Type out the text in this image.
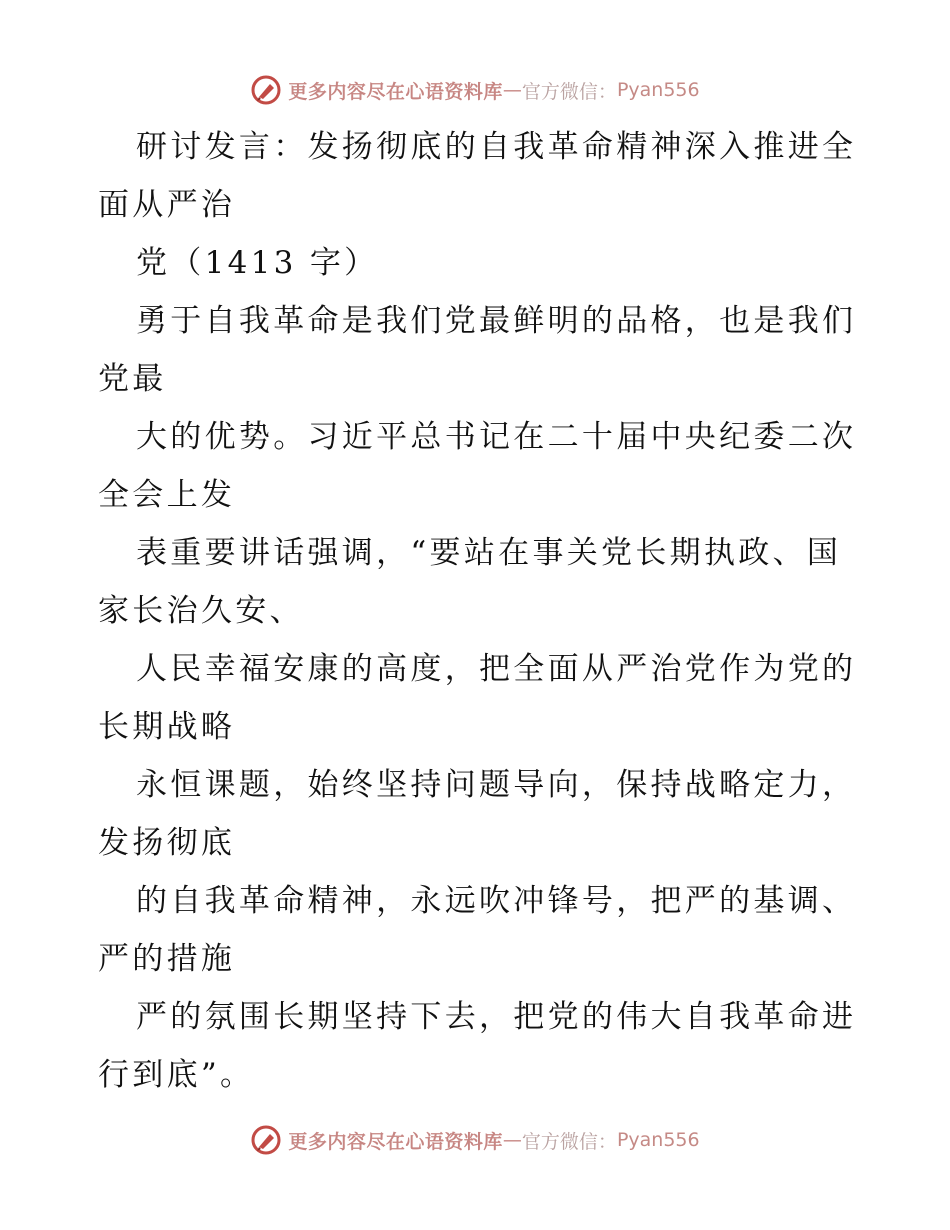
更多内容尽在心语资料库 — 官方微信： Pyan556
研讨发言：发扬彻底的自我革命精神深入推进全
面从严治
党（1413 字）
勇于自我革命是我们党最鲜明的品格，也是我们
党最
大的优势。习近平总书记在二十届中央纪委二次
全会上发
表重要讲话强调，“要站在事关党长期执政、国
家长治久安、
人民幸福安康的高度，把全面从严治党作为党的
长期战略
永恒课题，始终坚持问题导向，保持战略定力，
发扬彻底
的自我革命精神，永远吹冲锋号，把严的基调、
严的措施
严的氛围长期坚持下去，把党的伟大自我革命进
行到底”。
更多内容尽在心语资料库 — 官方微信： Pyan556
